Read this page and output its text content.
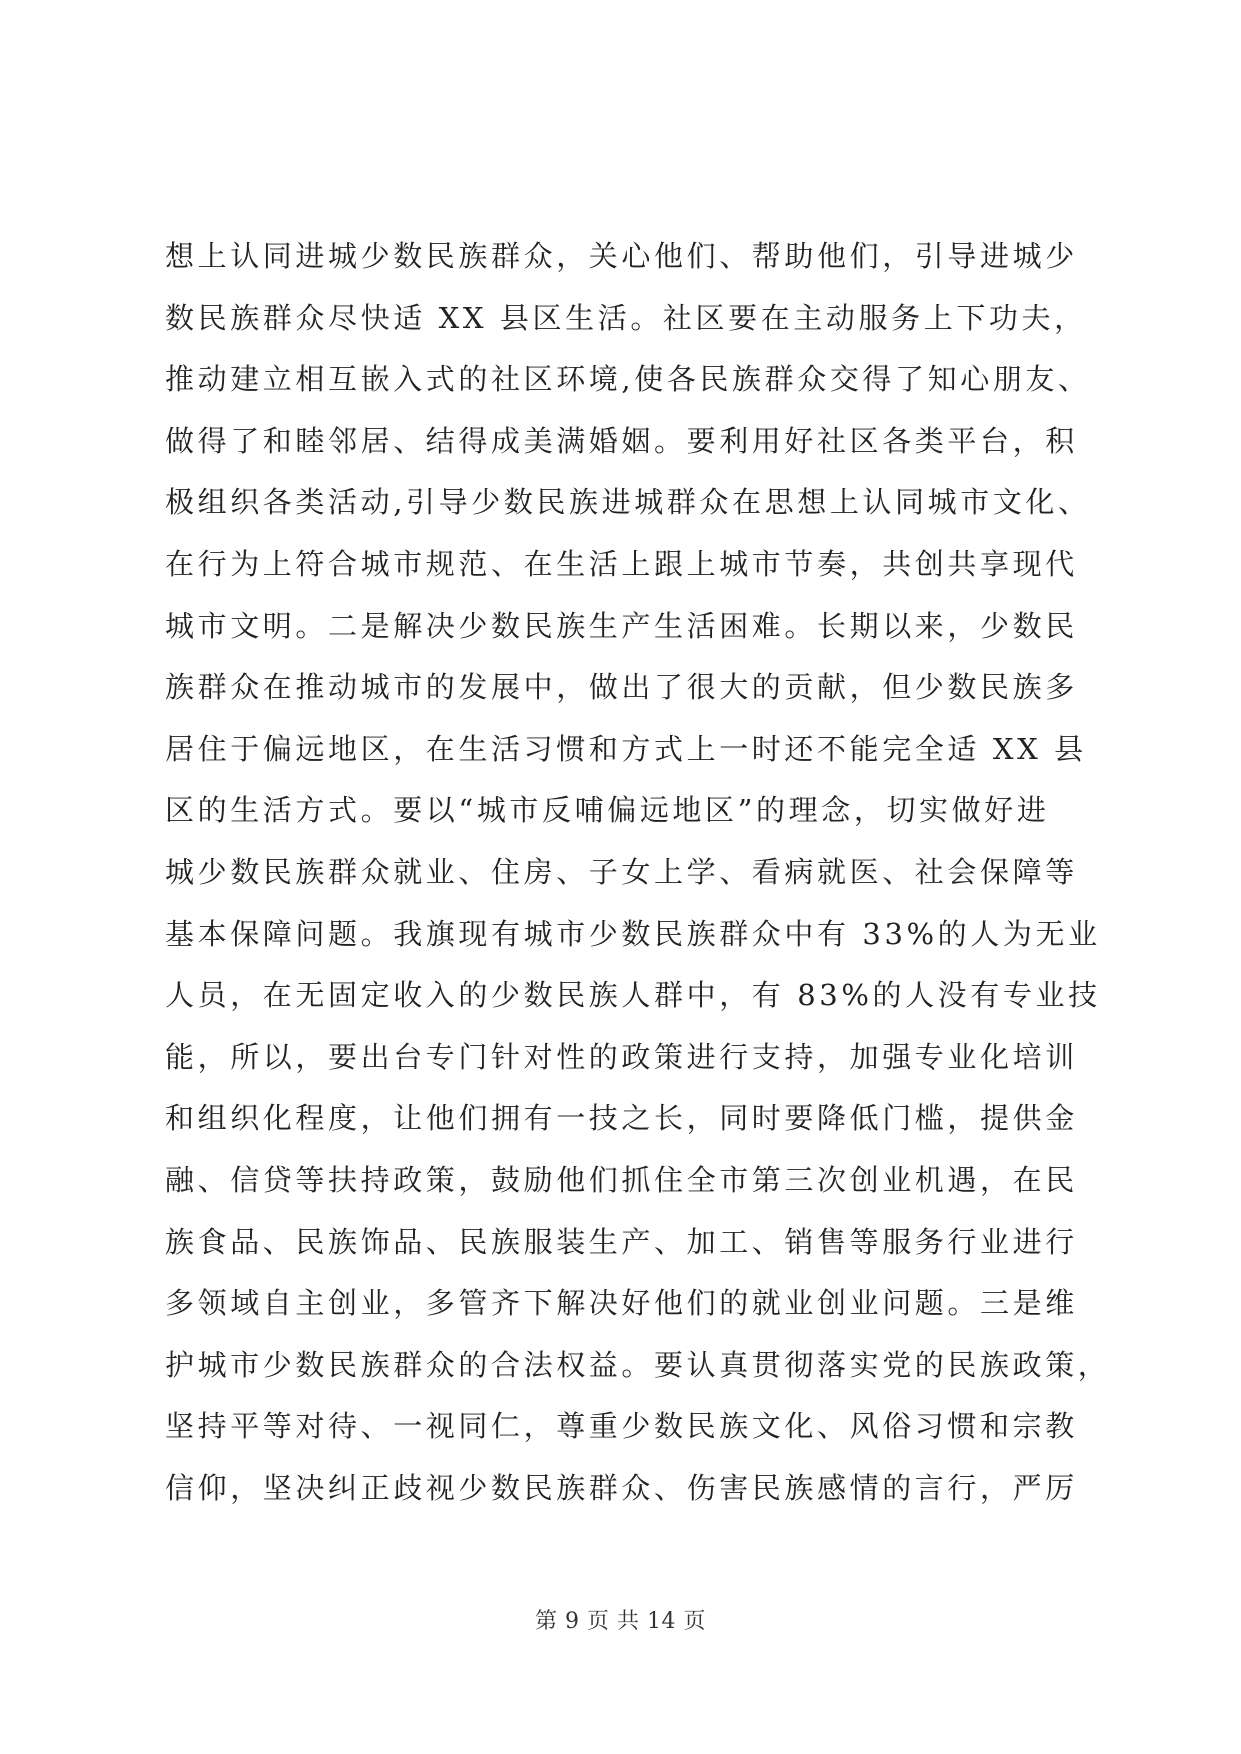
想上认同进城少数民族群众，关心他们、帮助他们，引导进城少
数民族群众尽快适 XX 县区生活。社区要在主动服务上下功夫，
推动建立相互嵌入式的社区环境,使各民族群众交得了知心朋友、
做得了和睦邻居、结得成美满婚姻。要利用好社区各类平台，积
极组织各类活动,引导少数民族进城群众在思想上认同城市文化、
在行为上符合城市规范、在生活上跟上城市节奏，共创共享现代
城市文明。二是解决少数民族生产生活困难。长期以来，少数民
族群众在推动城市的发展中，做出了很大的贡献，但少数民族多
居住于偏远地区，在生活习惯和方式上一时还不能完全适 XX 县
区的生活方式。要以“城市反哺偏远地区”的理念，切实做好进
城少数民族群众就业、住房、子女上学、看病就医、社会保障等
基本保障问题。我旗现有城市少数民族群众中有 33%的人为无业
人员，在无固定收入的少数民族人群中，有 83%的人没有专业技
能，所以，要出台专门针对性的政策进行支持，加强专业化培训
和组织化程度，让他们拥有一技之长，同时要降低门槛，提供金
融、信贷等扶持政策，鼓励他们抓住全市第三次创业机遇，在民
族食品、民族饰品、民族服装生产、加工、销售等服务行业进行
多领域自主创业，多管齐下解决好他们的就业创业问题。三是维
护城市少数民族群众的合法权益。要认真贯彻落实党的民族政策，
坚持平等对待、一视同仁，尊重少数民族文化、风俗习惯和宗教
信仰，坚决纠正歧视少数民族群众、伤害民族感情的言行，严厉
第 9 页 共 14 页
